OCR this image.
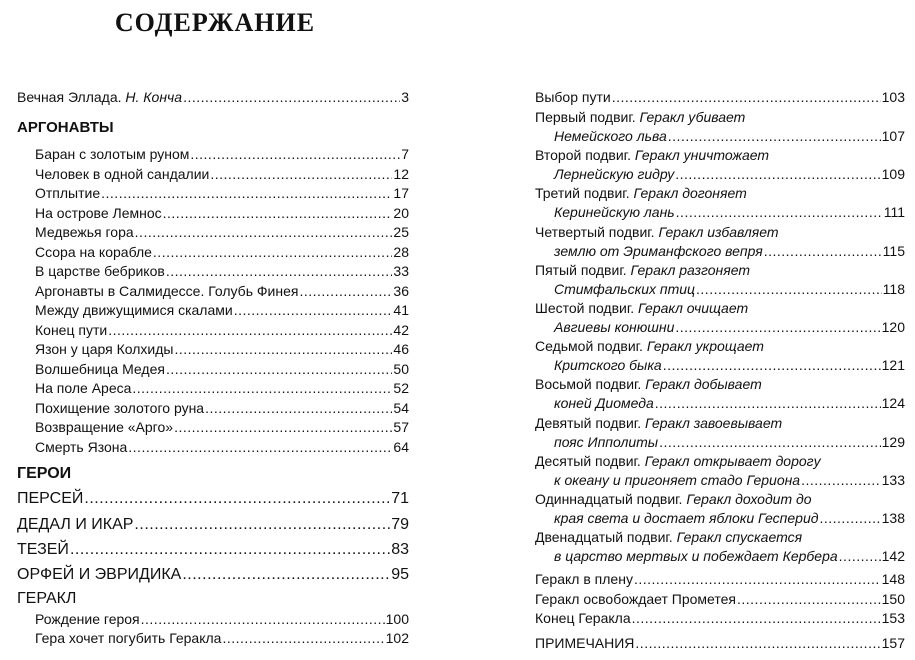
СОДЕРЖАНИЕ
Вечная Эллада. Н. Конча .....	3
АРГОНАВТЫ
Баран с золотым руном .....	7
Человек в одной сандалии .....	12
Отплытие .....	17
На острове Лемнос .....	20
Медвежья гора .....	25
Ссора на корабле .....	28
В царстве бебриков .....	33
Аргонавты в Салмидессе. Голубь Финея .....	36
Между движущимися скалами .....	41
Конец пути .....	42
Язон у царя Колхиды .....	46
Волшебница Медея .....	50
На поле Ареса .....	52
Похищение золотого руна .....	54
Возвращение «Арго» .....	57
Смерть Язона .....	64
ГЕРОИ
ПЕРСЕЙ .....	71
ДЕДАЛ И ИКАР .....	79
ТЕЗЕЙ .....	83
ОРФЕЙ И ЭВРИДИКА .....	95
ГЕРАКЛ
Рождение героя .....	100
Гера хочет погубить Геракла .....	102
Выбор пути .....	103
Первый подвиг. Геракл убивает
Немейского льва .....	107
Второй подвиг. Геракл уничтожает
Лернейскую гидру .....	109
Третий подвиг. Геракл догоняет
Керинейскую лань .....	111
Четвертый подвиг. Геракл избавляет
землю от Эриманфского вепря .....	115
Пятый подвиг. Геракл разгоняет
Стимфальских птиц .....	118
Шестой подвиг. Геракл очищает
Авгиевы конюшни .....	120
Седьмой подвиг. Геракл укрощает
Критского быка .....	121
Восьмой подвиг. Геракл добывает
коней Диомеда .....	124
Девятый подвиг. Геракл завоевывает
пояс Ипполиты .....	129
Десятый подвиг. Геракл открывает дорогу
к океану и пригоняет стадо Гериона .....	133
Одиннадцатый подвиг. Геракл доходит до
края света и достает яблоки Гесперид .....	138
Двенадцатый подвиг. Геракл спускается
в царство мертвых и побеждает Кербера .....	142
Геракл в плену .....	148
Геракл освобождает Прометея .....	150
Конец Геракла .....	153
ПРИМЕЧАНИЯ .....	157
